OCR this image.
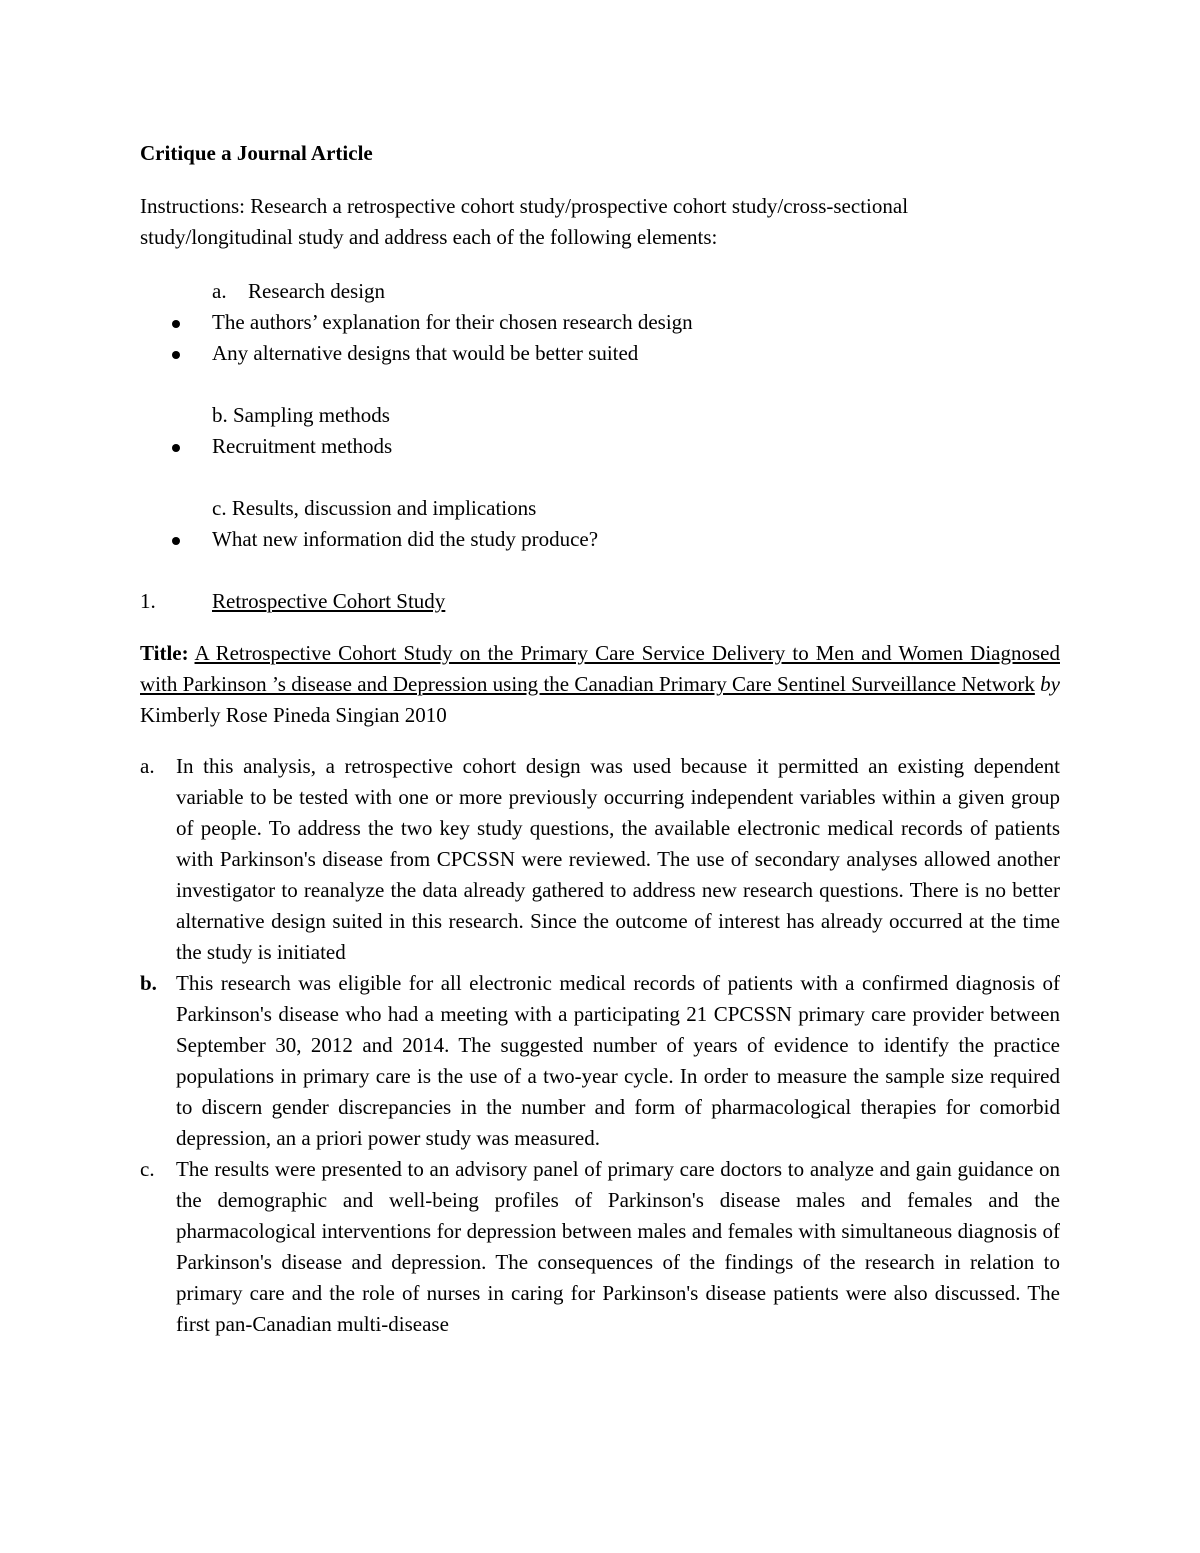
Critique a Journal Article

Instructions: Research a retrospective cohort study/prospective cohort study/cross-sectional study/longitudinal study and address each of the following elements:

a. Research design

The authors’ explanation for their chosen research design

Any alternative designs that would be better suited

b. Sampling methods

Recruitment methods

c. Results, discussion and implications

What new information did the study produce?

1.	Retrospective Cohort Study

Title: A Retrospective Cohort Study on the Primary Care Service Delivery to Men and Women Diagnosed with Parkinson ’s disease and Depression using the Canadian Primary Care Sentinel Surveillance Network by Kimberly Rose Pineda Singian 2010

a. In this analysis, a retrospective cohort design was used because it permitted an existing dependent variable to be tested with one or more previously occurring independent variables within a given group of people. To address the two key study questions, the available electronic medical records of patients with Parkinson's disease from CPCSSN were reviewed. The use of secondary analyses allowed another investigator to reanalyze the data already gathered to address new research questions. There is no better alternative design suited in this research. Since the outcome of interest has already occurred at the time the study is initiated

b. This research was eligible for all electronic medical records of patients with a confirmed diagnosis of Parkinson's disease who had a meeting with a participating 21 CPCSSN primary care provider between September 30, 2012 and 2014. The suggested number of years of evidence to identify the practice populations in primary care is the use of a two-year cycle. In order to measure the sample size required to discern gender discrepancies in the number and form of pharmacological therapies for comorbid depression, an a priori power study was measured.

c. The results were presented to an advisory panel of primary care doctors to analyze and gain guidance on the demographic and well-being profiles of Parkinson's disease males and females and the pharmacological interventions for depression between males and females with simultaneous diagnosis of Parkinson's disease and depression. The consequences of the findings of the research in relation to primary care and the role of nurses in caring for Parkinson's disease patients were also discussed. The first pan-Canadian multi-disease
